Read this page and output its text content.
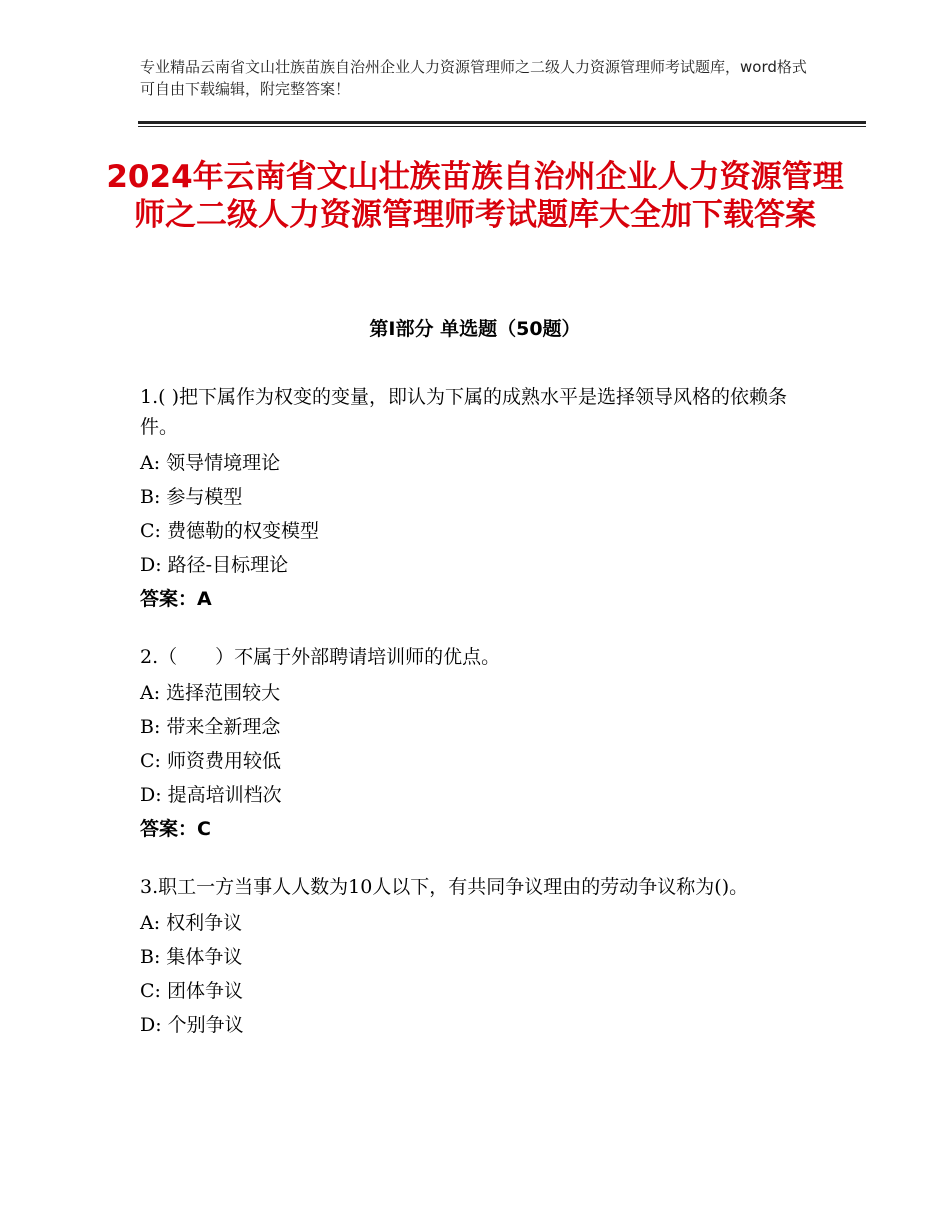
专业精品云南省文山壮族苗族自治州企业人力资源管理师之二级人力资源管理师考试题库，word格式可自由下载编辑，附完整答案！
2024年云南省文山壮族苗族自治州企业人力资源管理师之二级人力资源管理师考试题库大全加下载答案
第Ⅰ部分 单选题（50题）
1.( )把下属作为权变的变量，即认为下属的成熟水平是选择领导风格的依赖条件。
A: 领导情境理论
B: 参与模型
C: 费德勒的权变模型
D: 路径-目标理论
答案：A
2.（　　）不属于外部聘请培训师的优点。
A: 选择范围较大
B: 带来全新理念
C: 师资费用较低
D: 提高培训档次
答案：C
3.职工一方当事人人数为10人以下，有共同争议理由的劳动争议称为()。
A: 权利争议
B: 集体争议
C: 团体争议
D: 个别争议
